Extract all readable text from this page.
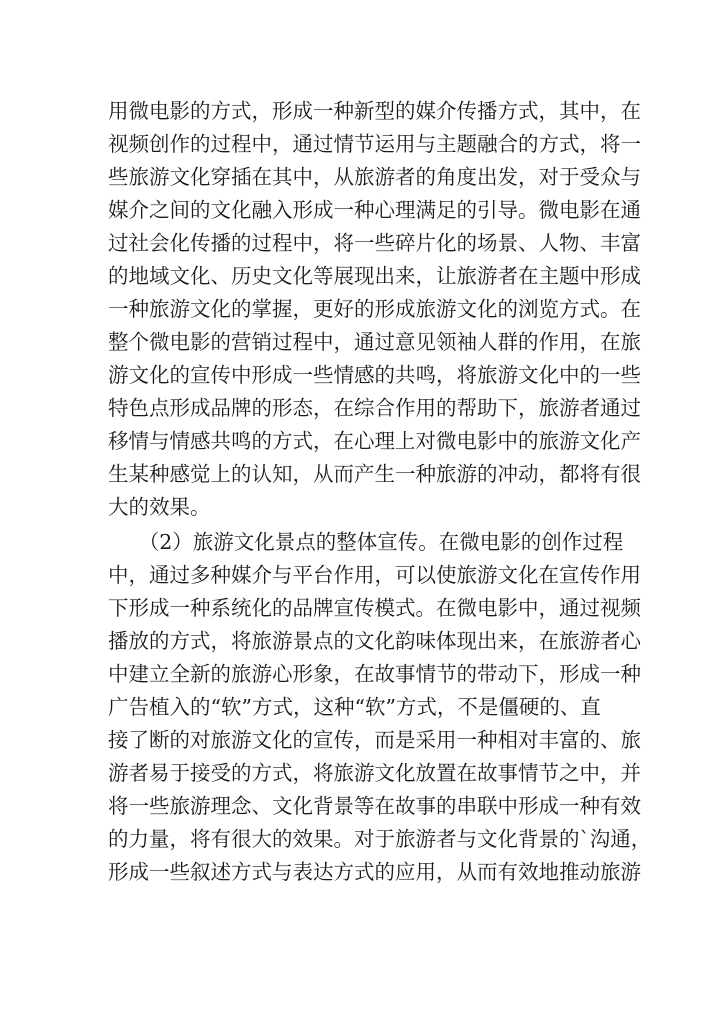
用微电影的方式，形成一种新型的媒介传播方式，其中，在
视频创作的过程中，通过情节运用与主题融合的方式，将一
些旅游文化穿插在其中，从旅游者的角度出发，对于受众与
媒介之间的文化融入形成一种心理满足的引导。微电影在通
过社会化传播的过程中，将一些碎片化的场景、人物、丰富
的地域文化、历史文化等展现出来，让旅游者在主题中形成
一种旅游文化的掌握，更好的形成旅游文化的浏览方式。在
整个微电影的营销过程中，通过意见领袖人群的作用，在旅
游文化的宣传中形成一些情感的共鸣，将旅游文化中的一些
特色点形成品牌的形态，在综合作用的帮助下，旅游者通过
移情与情感共鸣的方式，在心理上对微电影中的旅游文化产
生某种感觉上的认知，从而产生一种旅游的冲动，都将有很
大的效果。
　　（2）旅游文化景点的整体宣传。在微电影的创作过程
中，通过多种媒介与平台作用，可以使旅游文化在宣传作用
下形成一种系统化的品牌宣传模式。在微电影中，通过视频
播放的方式，将旅游景点的文化韵味体现出来，在旅游者心
中建立全新的旅游心形象，在故事情节的带动下，形成一种
广告植入的“软”方式，这种“软”方式，不是僵硬的、直
接了断的对旅游文化的宣传，而是采用一种相对丰富的、旅
游者易于接受的方式，将旅游文化放置在故事情节之中，并
将一些旅游理念、文化背景等在故事的串联中形成一种有效
的力量，将有很大的效果。对于旅游者与文化背景的`沟通，
形成一些叙述方式与表达方式的应用，从而有效地推动旅游
